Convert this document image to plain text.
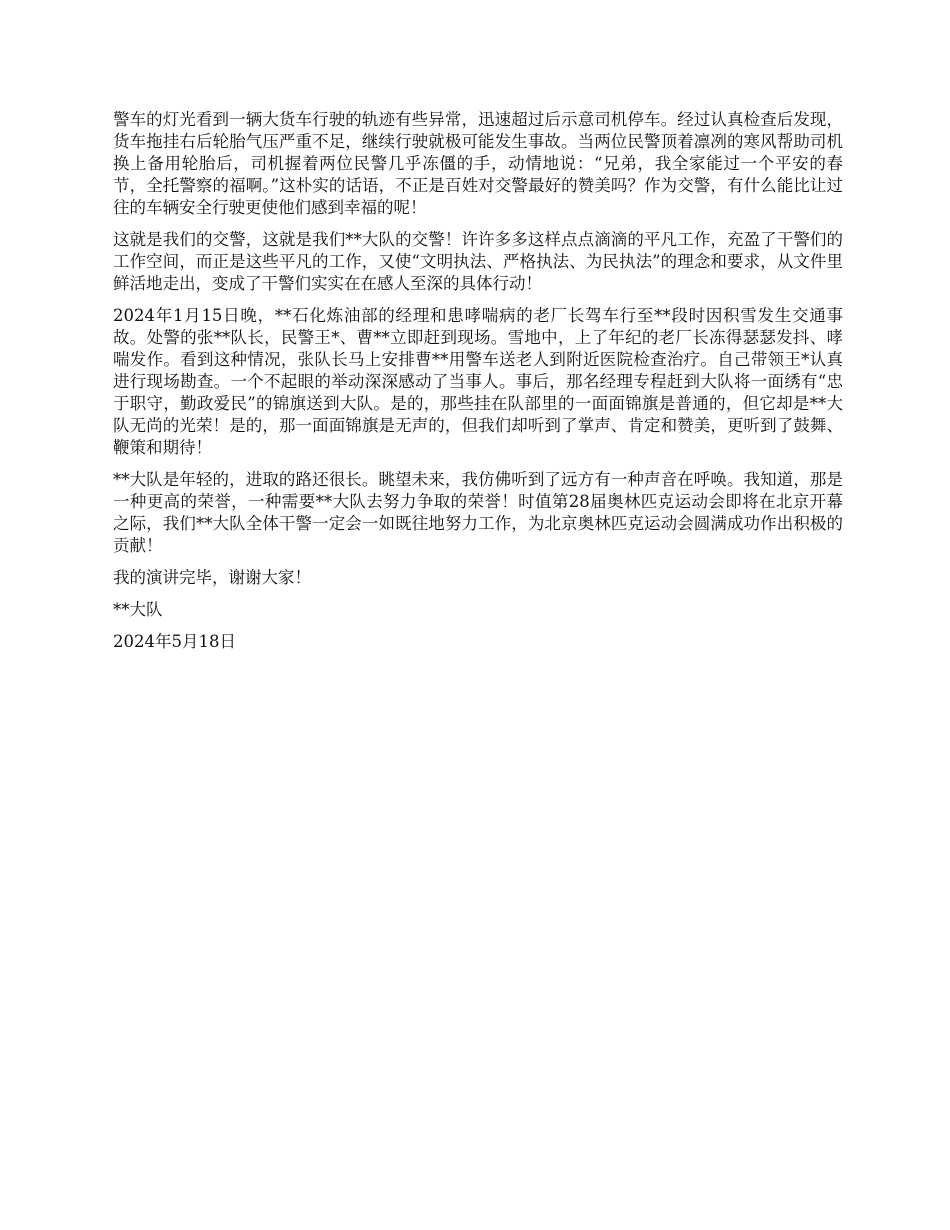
警车的灯光看到一辆大货车行驶的轨迹有些异常，迅速超过后示意司机停车。经过认真检查后发现，货车拖挂右后轮胎气压严重不足，继续行驶就极可能发生事故。当两位民警顶着凛冽的寒风帮助司机换上备用轮胎后，司机握着两位民警几乎冻僵的手，动情地说：“兄弟，我全家能过一个平安的春节，全托警察的福啊。”这朴实的话语，不正是百姓对交警最好的赞美吗？作为交警，有什么能比让过往的车辆安全行驶更使他们感到幸福的呢！

这就是我们的交警，这就是我们**大队的交警！许许多多这样点点滴滴的平凡工作，充盈了干警们的工作空间，而正是这些平凡的工作，又使“文明执法、严格执法、为民执法”的理念和要求，从文件里鲜活地走出，变成了干警们实实在在感人至深的具体行动！

2024年1月15日晚，**石化炼油部的经理和患哮喘病的老厂长驾车行至**段时因积雪发生交通事故。处警的张**队长，民警王*、曹**立即赶到现场。雪地中，上了年纪的老厂长冻得瑟瑟发抖、哮喘发作。看到这种情况，张队长马上安排曹**用警车送老人到附近医院检查治疗。自己带领王*认真进行现场勘查。一个不起眼的举动深深感动了当事人。事后，那名经理专程赶到大队将一面绣有“忠于职守，勤政爱民”的锦旗送到大队。是的，那些挂在队部里的一面面锦旗是普通的，但它却是**大队无尚的光荣！是的，那一面面锦旗是无声的，但我们却听到了掌声、肯定和赞美，更听到了鼓舞、鞭策和期待！

**大队是年轻的，进取的路还很长。眺望未来，我仿佛听到了远方有一种声音在呼唤。我知道，那是一种更高的荣誉，一种需要**大队去努力争取的荣誉！时值第28届奥林匹克运动会即将在北京开幕之际，我们**大队全体干警一定会一如既往地努力工作，为北京奥林匹克运动会圆满成功作出积极的贡献！

我的演讲完毕，谢谢大家！

**大队

2024年5月18日
